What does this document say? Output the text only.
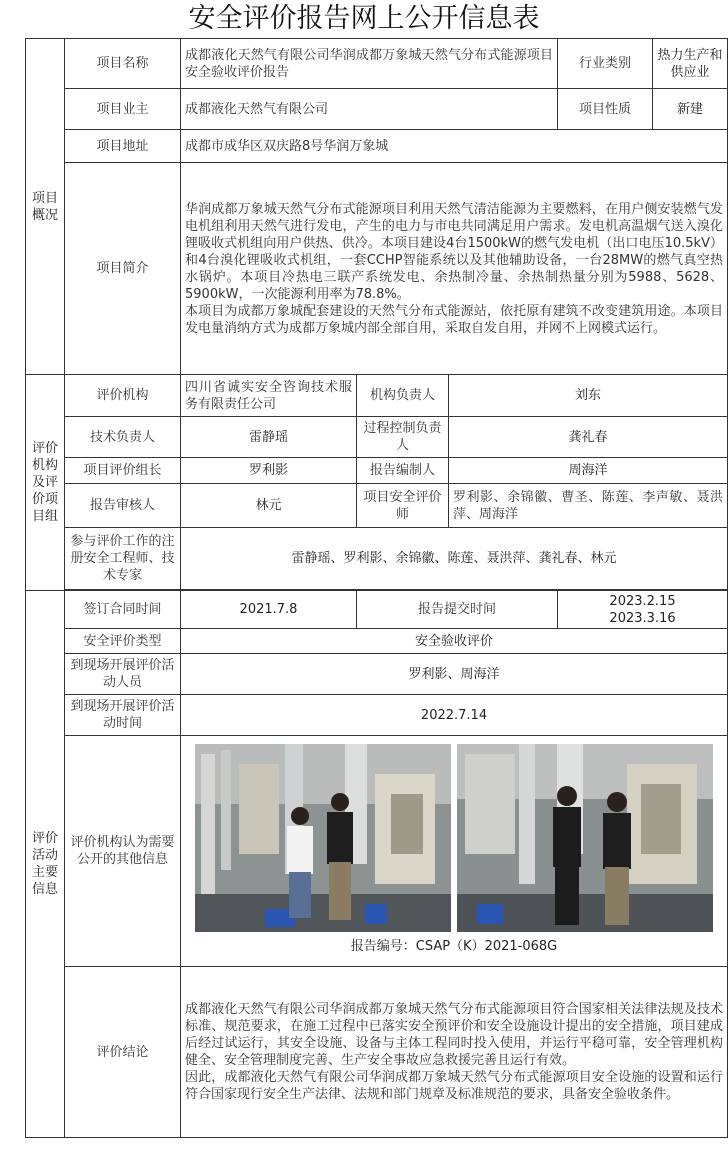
安全评价报告网上公开信息表
项目概况	项目名称	成都液化天然气有限公司华润成都万象城天然气分布式能源项目安全验收评价报告			行业类别	热力生产和供应业
	项目业主	成都液化天然气有限公司			项目性质	新建
	项目地址	成都市成华区双庆路8号华润万象城				
	项目简介	华润成都万象城天然气分布式能源项目利用天然气清洁能源为主要燃料，在用户侧安装燃气发电机组利用天然气进行发电，产生的电力与市电共同满足用户需求。发电机高温烟气送入溴化锂吸收式机组向用户供热、供冷。本项目建设4台1500kW的燃气发电机（出口电压10.5kV）和4台溴化锂吸收式机组，一套CCHP智能系统以及其他辅助设备，一台28MW的燃气真空热水锅炉。本项目冷热电三联产系统发电、余热制冷量、余热制热量分别为5988、5628、5900kW，一次能源利用率为78.8%。
本项目为成都万象城配套建设的天然气分布式能源站，依托原有建筑不改变建筑用途。本项目发电量消纳方式为成都万象城内部全部自用，采取自发自用，并网不上网模式运行。				

评价机构及评价项目组	评价机构	四川省诚实安全咨询技术服务有限责任公司	机构负责人	刘东		
	技术负责人	雷静瑶	过程控制负责人	龚礼春		
	项目评价组长	罗利影	报告编制人	周海洋		
	报告审核人	林元	项目安全评价师	罗利影、余锦徽、曹圣、陈莲、李声敏、聂洪萍、周海洋		
	参与评价工作的注册安全工程师、技术专家	雷静瑶、罗利影、余锦徽、陈莲、聂洪萍、龚礼春、林元				

评价活动主要信息	签订合同时间	2021.7.8	报告提交时间		2023.2.15
2023.3.16	

	安全评价类型	安全验收评价				
	到现场开展评价活动人员	罗利影、周海洋				
	到现场开展评价活动时间	2022.7.14				
	评价机构认为需要公开的其他信息	报告编号：CSAP（K）2021-068G				

	评价结论	成都液化天然气有限公司华润成都万象城天然气分布式能源项目符合国家相关法律法规及技术标准、规范要求，在施工过程中已落实安全预评价和安全设施设计提出的安全措施，项目建成后经过试运行，其安全设施、设备与主体工程同时投入使用，并运行平稳可靠，安全管理机构健全、安全管理制度完善、生产安全事故应急救援完善且运行有效。
因此，成都液化天然气有限公司华润成都万象城天然气分布式能源项目安全设施的设置和运行符合国家现行安全生产法律、法规和部门规章及标准规范的要求，具备安全验收条件。				
